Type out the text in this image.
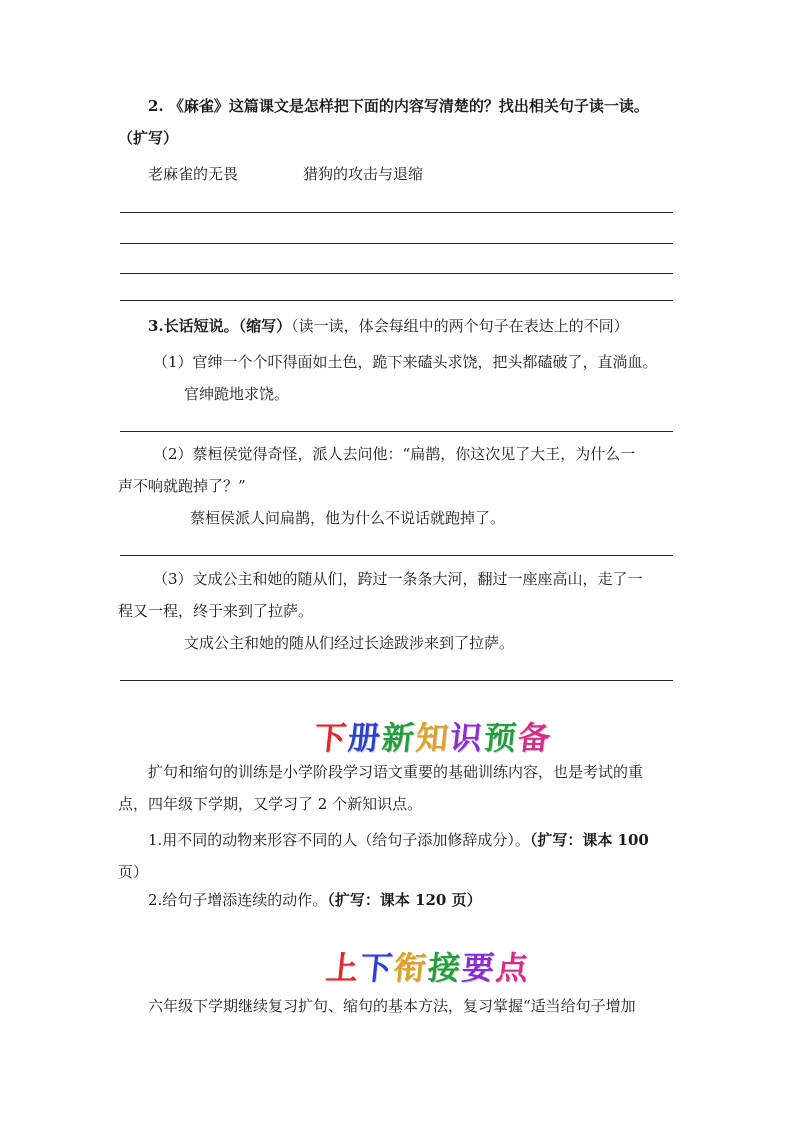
2. 《麻雀》这篇课文是怎样把下面的内容写清楚的？找出相关句子读一读。
（扩写）
老麻雀的无畏	猎狗的攻击与退缩
3.长话短说。（缩写）（读一读，体会每组中的两个句子在表达上的不同）
（1）官绅一个个吓得面如土色，跪下来磕头求饶，把头都磕破了，直淌血。
官绅跪地求饶。
（2）蔡桓侯觉得奇怪，派人去问他：“扁鹊，你这次见了大王，为什么一
声不响就跑掉了？”
蔡桓侯派人问扁鹊，他为什么不说话就跑掉了。
（3）文成公主和她的随从们，跨过一条条大河，翻过一座座高山，走了一
程又一程，终于来到了拉萨。
文成公主和她的随从们经过长途跋涉来到了拉萨。
下册新知识预备
扩句和缩句的训练是小学阶段学习语文重要的基础训练内容，也是考试的重
点，四年级下学期，又学习了 2 个新知识点。
1.用不同的动物来形容不同的人（给句子添加修辞成分）。（扩写：课本 100
页）
2.给句子增添连续的动作。（扩写：课本 120 页）
上下衔接要点
六年级下学期继续复习扩句、缩句的基本方法，复习掌握“适当给句子增加
